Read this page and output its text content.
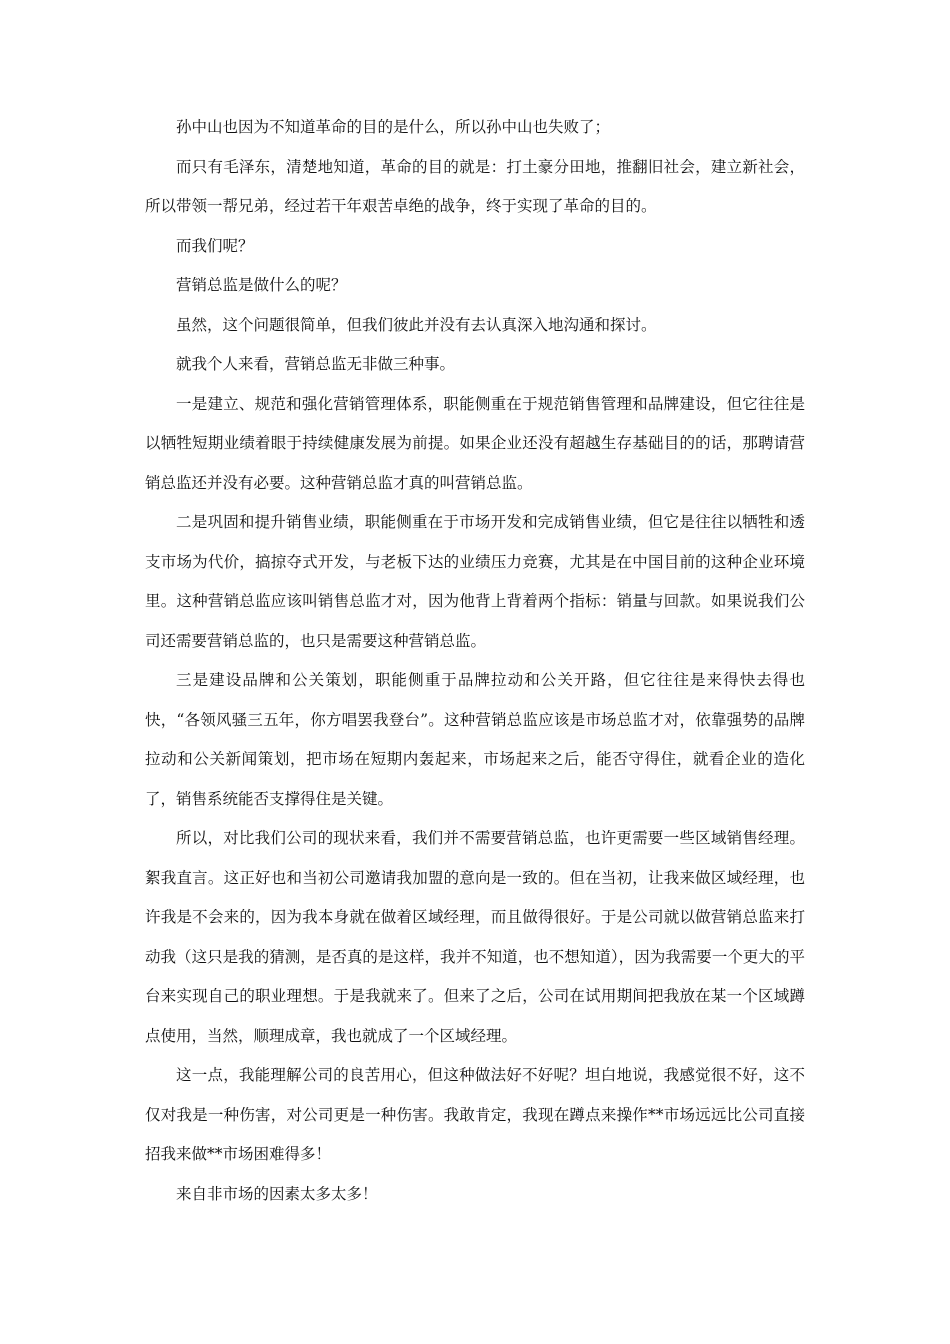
孙中山也因为不知道革命的目的是什么，所以孙中山也失败了；

而只有毛泽东，清楚地知道，革命的目的就是：打土豪分田地，推翻旧社会，建立新社会，所以带领一帮兄弟，经过若干年艰苦卓绝的战争，终于实现了革命的目的。

而我们呢？

营销总监是做什么的呢？

虽然，这个问题很简单，但我们彼此并没有去认真深入地沟通和探讨。

就我个人来看，营销总监无非做三种事。

一是建立、规范和强化营销管理体系，职能侧重在于规范销售管理和品牌建设，但它往往是以牺牲短期业绩着眼于持续健康发展为前提。如果企业还没有超越生存基础目的的话，那聘请营销总监还并没有必要。这种营销总监才真的叫营销总监。

二是巩固和提升销售业绩，职能侧重在于市场开发和完成销售业绩，但它是往往以牺牲和透支市场为代价，搞掠夺式开发，与老板下达的业绩压力竞赛，尤其是在中国目前的这种企业环境里。这种营销总监应该叫销售总监才对，因为他背上背着两个指标：销量与回款。如果说我们公司还需要营销总监的，也只是需要这种营销总监。

三是建设品牌和公关策划，职能侧重于品牌拉动和公关开路，但它往往是来得快去得也快，“各领风骚三五年，你方唱罢我登台”。这种营销总监应该是市场总监才对，依靠强势的品牌拉动和公关新闻策划，把市场在短期内轰起来，市场起来之后，能否守得住，就看企业的造化了，销售系统能否支撑得住是关键。

所以，对比我们公司的现状来看，我们并不需要营销总监，也许更需要一些区域销售经理。絮我直言。这正好也和当初公司邀请我加盟的意向是一致的。但在当初，让我来做区域经理，也许我是不会来的，因为我本身就在做着区域经理，而且做得很好。于是公司就以做营销总监来打动我（这只是我的猜测，是否真的是这样，我并不知道，也不想知道），因为我需要一个更大的平台来实现自己的职业理想。于是我就来了。但来了之后，公司在试用期间把我放在某一个区域蹲点使用，当然，顺理成章，我也就成了一个区域经理。

这一点，我能理解公司的良苦用心，但这种做法好不好呢？坦白地说，我感觉很不好，这不仅对我是一种伤害，对公司更是一种伤害。我敢肯定，我现在蹲点来操作**市场远远比公司直接招我来做**市场困难得多！

来自非市场的因素太多太多！
